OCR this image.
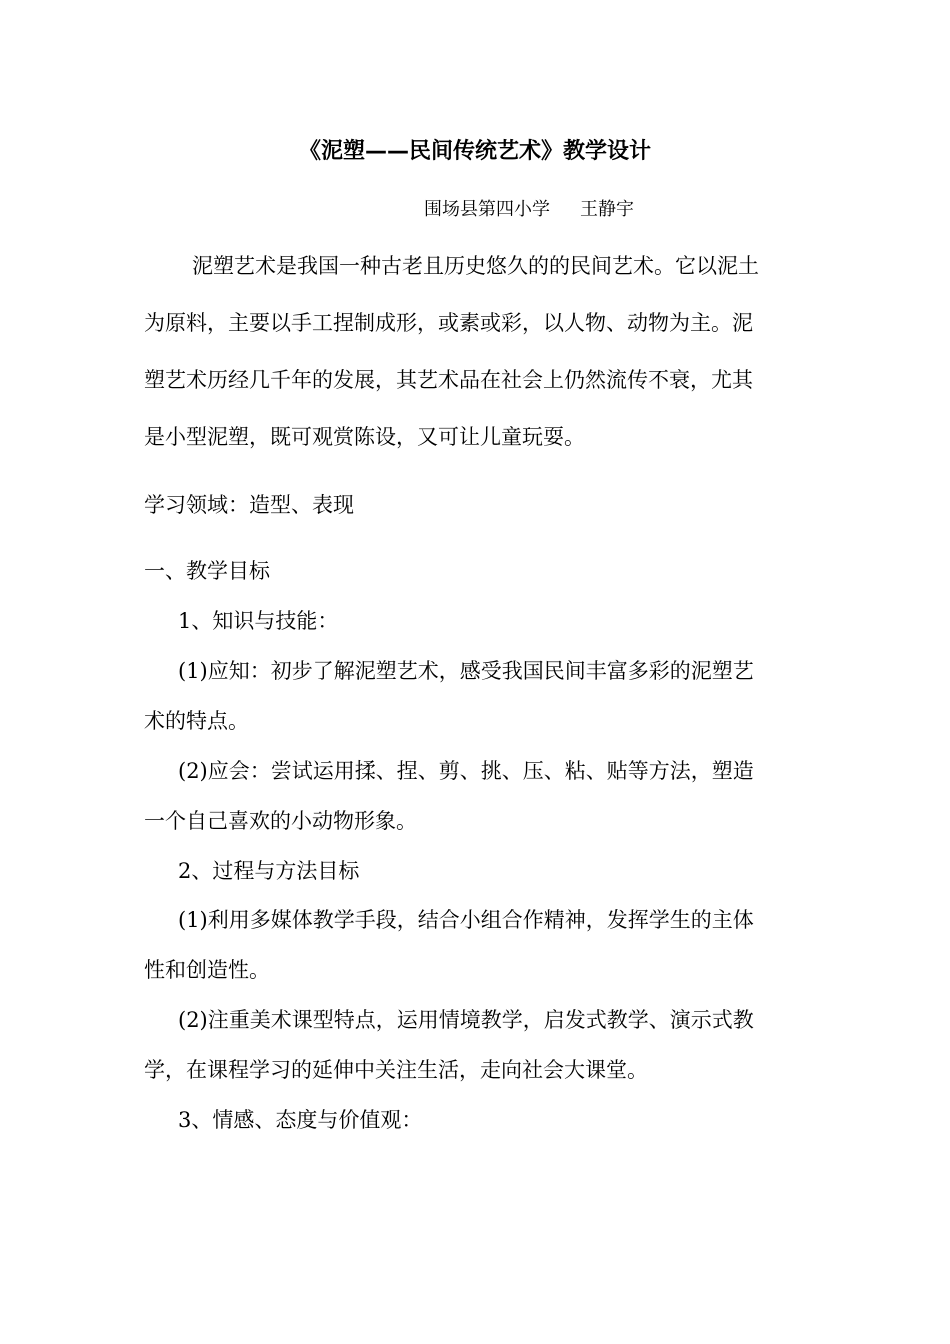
《泥塑——民间传统艺术》教学设计
围场县第四小学 王静宇
泥塑艺术是我国一种古老且历史悠久的的民间艺术。它以泥土
为原料，主要以手工捏制成形，或素或彩，以人物、动物为主。泥
塑艺术历经几千年的发展，其艺术品在社会上仍然流传不衰，尤其
是小型泥塑，既可观赏陈设，又可让儿童玩耍。
学习领域：造型、表现
一、教学目标
1、知识与技能：
(1)应知：初步了解泥塑艺术，感受我国民间丰富多彩的泥塑艺
术的特点。
(2)应会：尝试运用揉、捏、剪、挑、压、粘、贴等方法，塑造
一个自己喜欢的小动物形象。
2、过程与方法目标
(1)利用多媒体教学手段，结合小组合作精神，发挥学生的主体
性和创造性。
(2)注重美术课型特点，运用情境教学，启发式教学、演示式教
学，在课程学习的延伸中关注生活，走向社会大课堂。
3、情感、态度与价值观：
